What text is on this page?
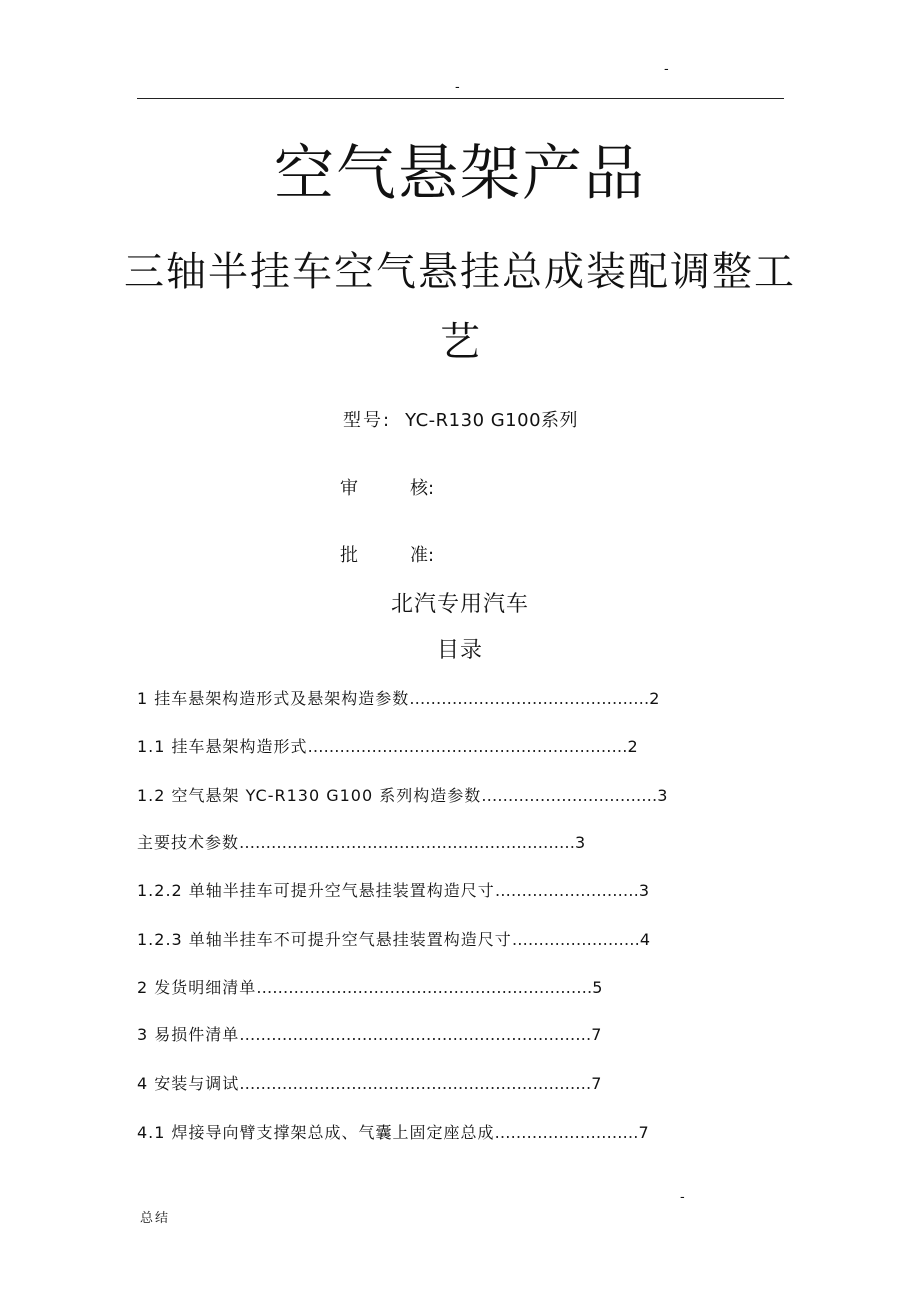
-
-
空气悬架产品
三轴半挂车空气悬挂总成装配调整工
艺
型号: YC-R130 G100系列
审	核:
批	准:
北汽专用汽车
目录
1 挂车悬架构造形式及悬架构造参数………………………………………2
1.1 挂车悬架构造形式……………………………………………………2
1.2 空气悬架 YC-R130 G100 系列构造参数……………………………3
主要技术参数………………………………………………………3
1.2.2 单轴半挂车可提升空气悬挂装置构造尺寸………………………3
1.2.3 单轴半挂车不可提升空气悬挂装置构造尺寸……………………4
2 发货明细清单………………………………………………………5
3 易损件清单…………………………………………………………7
4 安装与调试…………………………………………………………7
4.1 焊接导向臂支撑架总成、气囊上固定座总成………………………7
-
总结
